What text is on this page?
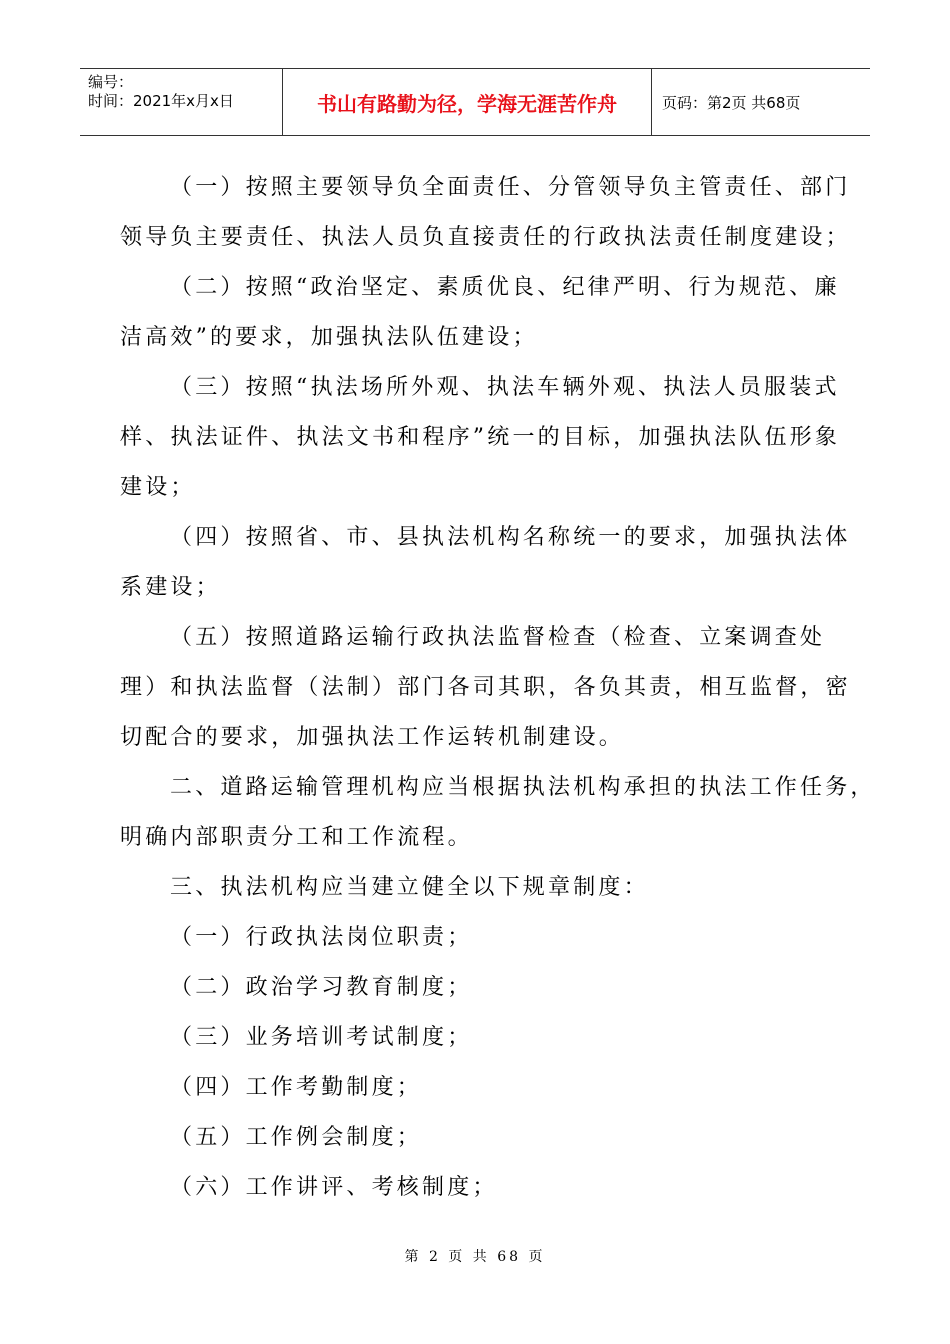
编号：
时间：2021年x月x日	书山有路勤为径，学海无涯苦作舟	页码：第2页 共68页
（一）按照主要领导负全面责任、分管领导负主管责任、部门
领导负主要责任、执法人员负直接责任的行政执法责任制度建设；
（二）按照“政治坚定、素质优良、纪律严明、行为规范、廉
洁高效”的要求，加强执法队伍建设；
（三）按照“执法场所外观、执法车辆外观、执法人员服装式
样、执法证件、执法文书和程序”统一的目标，加强执法队伍形象
建设；
（四）按照省、市、县执法机构名称统一的要求，加强执法体
系建设；
（五）按照道路运输行政执法监督检查（检查、立案调查处
理）和执法监督（法制）部门各司其职，各负其责，相互监督，密
切配合的要求，加强执法工作运转机制建设。
二、道路运输管理机构应当根据执法机构承担的执法工作任务，
明确内部职责分工和工作流程。
三、执法机构应当建立健全以下规章制度：
（一）行政执法岗位职责；
（二）政治学习教育制度；
（三）业务培训考试制度；
（四）工作考勤制度；
（五）工作例会制度；
（六）工作讲评、考核制度；
第 2 页 共 68 页
